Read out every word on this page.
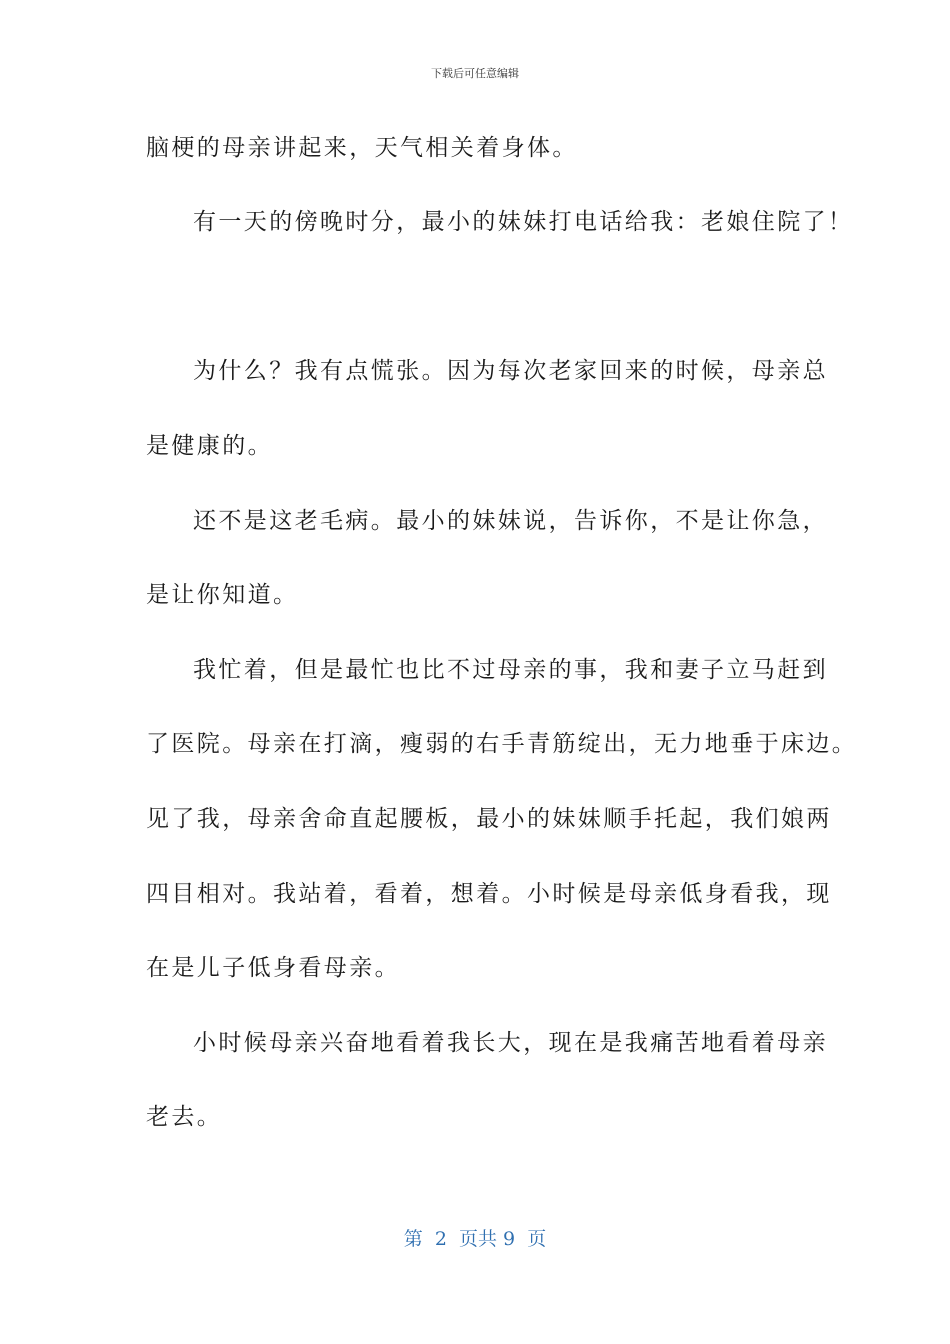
下载后可任意编辑
脑梗的母亲讲起来，天气相关着身体。
有一天的傍晚时分，最小的妹妹打电话给我：老娘住院了！
为什么？我有点慌张。因为每次老家回来的时候，母亲总
是健康的。
还不是这老毛病。最小的妹妹说，告诉你，不是让你急，
是让你知道。
我忙着，但是最忙也比不过母亲的事，我和妻子立马赶到
了医院。母亲在打滴，瘦弱的右手青筋绽出，无力地垂于床边。
见了我，母亲舍命直起腰板，最小的妹妹顺手托起，我们娘两
四目相对。我站着，看着，想着。小时候是母亲低身看我，现
在是儿子低身看母亲。
小时候母亲兴奋地看着我长大，现在是我痛苦地看着母亲
老去。
第  2  页共 9  页
